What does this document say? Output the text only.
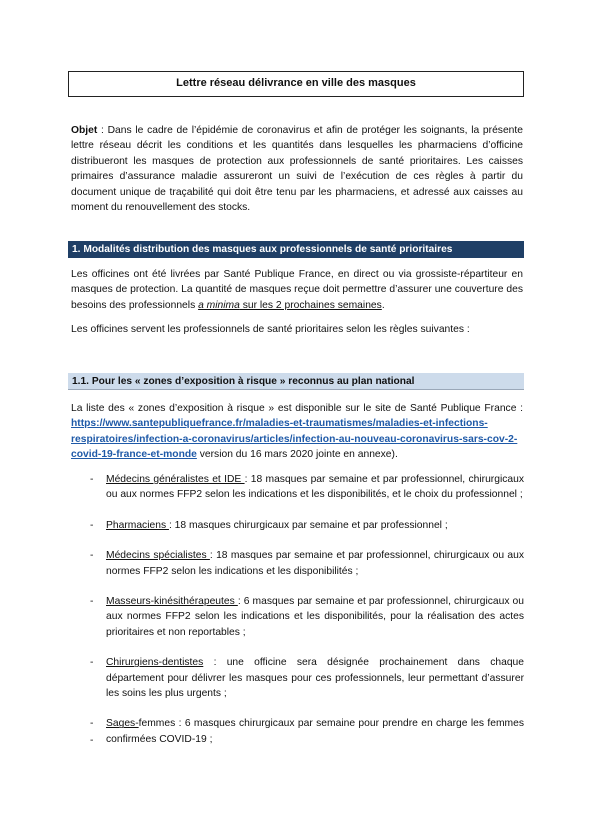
Lettre réseau délivrance en ville des masques
Objet : Dans le cadre de l’épidémie de coronavirus et afin de protéger les soignants, la présente lettre réseau décrit les conditions et les quantités dans lesquelles les pharmaciens d’officine distribueront les masques de protection aux professionnels de santé prioritaires. Les caisses primaires d’assurance maladie assureront un suivi de l’exécution de ces règles à partir du document unique de traçabilité qui doit être tenu par les pharmaciens, et adressé aux caisses au moment du renouvellement des stocks.
1. Modalités distribution des masques aux professionnels de santé prioritaires
Les officines ont été livrées par Santé Publique France, en direct ou via grossiste-répartiteur en masques de protection. La quantité de masques reçue doit permettre d’assurer une couverture des besoins des professionnels a minima sur les 2 prochaines semaines.
Les officines servent les professionnels de santé prioritaires selon les règles suivantes :
1.1. Pour les « zones d’exposition à risque » reconnus au plan national
La liste des « zones d’exposition à risque » est disponible sur le site de Santé Publique France : https://www.santepubliquefrance.fr/maladies-et-traumatismes/maladies-et-infections-respiratoires/infection-a-coronavirus/articles/infection-au-nouveau-coronavirus-sars-cov-2-covid-19-france-et-monde version du 16 mars 2020 jointe en annexe).
- Médecins généralistes et IDE : 18 masques par semaine et par professionnel, chirurgicaux ou aux normes FFP2 selon les indications et les disponibilités, et le choix du professionnel ;
- Pharmaciens : 18 masques chirurgicaux par semaine et par professionnel ;
- Médecins spécialistes : 18 masques par semaine et par professionnel, chirurgicaux ou aux normes FFP2 selon les indications et les disponibilités ;
- Masseurs-kinésithérapeutes : 6 masques par semaine et par professionnel, chirurgicaux ou aux normes FFP2 selon les indications et les disponibilités, pour la réalisation des actes prioritaires et non reportables ;
- Chirurgiens-dentistes : une officine sera désignée prochainement dans chaque département pour délivrer les masques pour ces professionnels, leur permettant d’assurer les soins les plus urgents ;
- Sages-femmes : 6 masques chirurgicaux par semaine pour prendre en charge les femmes confirmées COVID-19 ;
-
